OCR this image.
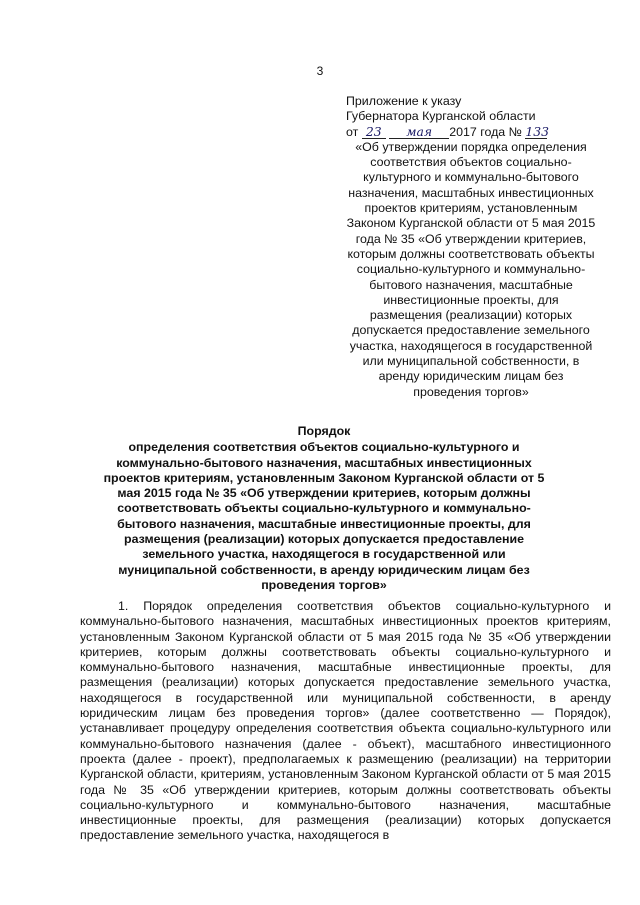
3
Приложение к указу
Губернатора Курганской области
от 23 мая 2017 года № 133
«Об утверждении порядка определения соответствия объектов социально-культурного и коммунально-бытового назначения, масштабных инвестиционных проектов критериям, установленным Законом Курганской области от 5 мая 2015 года № 35 «Об утверждении критериев, которым должны соответствовать объекты социально-культурного и коммунально-бытового назначения, масштабные инвестиционные проекты, для размещения (реализации) которых допускается предоставление земельного участка, находящегося в государственной или муниципальной собственности, в аренду юридическим лицам без проведения торгов»
Порядок
определения соответствия объектов социально-культурного и коммунально-бытового назначения, масштабных инвестиционных проектов критериям, установленным Законом Курганской области от 5 мая 2015 года № 35 «Об утверждении критериев, которым должны соответствовать объекты социально-культурного и коммунально-бытового назначения, масштабные инвестиционные проекты, для размещения (реализации) которых допускается предоставление земельного участка, находящегося в государственной или муниципальной собственности, в аренду юридическим лицам без проведения торгов»

1. Порядок определения соответствия объектов социально-культурного и коммунально-бытового назначения, масштабных инвестиционных проектов критериям, установленным Законом Курганской области от 5 мая 2015 года № 35 «Об утверждении критериев, которым должны соответствовать объекты социально-культурного и коммунально-бытового назначения, масштабные инвестиционные проекты, для размещения (реализации) которых допускается предоставление земельного участка, находящегося в государственной или муниципальной собственности, в аренду юридическим лицам без проведения торгов» (далее соответственно — Порядок), устанавливает процедуру определения соответствия объекта социально-культурного или коммунально-бытового назначения (далее - объект), масштабного инвестиционного проекта (далее - проект), предполагаемых к размещению (реализации) на территории Курганской области, критериям, установленным Законом Курганской области от 5 мая 2015 года № 35 «Об утверждении критериев, которым должны соответствовать объекты социально-культурного и коммунально-бытового назначения, масштабные инвестиционные проекты, для размещения (реализации) которых допускается предоставление земельного участка, находящегося в
